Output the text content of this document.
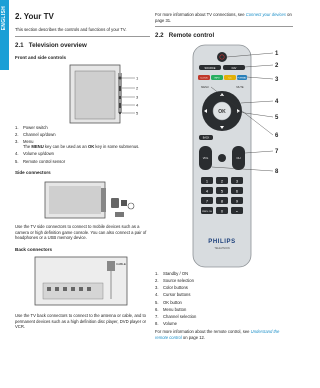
ENGLISH 2. Your TV
This section describes the controls and functions of your TV.
2.1 Television overview
Front and side controls
1
2
3
4
5
1. Power switch
2. Channel up/down
3. Menu
The MENU key can be used as an OK key in some submenus.
4. Volume up/down
5. Remote control sensor
Side connectors
Use the TV side connectors to connect to mobile devices such as a camera or high definition game console. You can also connect a pair of headphones or a USB memory device.
Back connectors
CABLE
Use the TV back connectors to connect to the antenna or cable, and to permanent devices such as a high definition disc player, DVD player or VCR.
For more information about TV connections, see Connect your devices on page 31.
2.2 Remote control
SOURCE	FAV
CLOCK	INFO	CC	FORMAT
MENU	MUTE
OK
BACK
VOL	CH
1	2	3
4	5	6
7	8	9
0	•
PREV CH
PHILIPS
TELEVISION
1
2
3
4
5
6
7
8
1. Standby / ON
2. Source selection
3. Color buttons
4. Cursor buttons
5. OK button
6. Menu button
7. Channel selection
8. Volume
For more information about the remote control, see Understand the remote control on page 12.
